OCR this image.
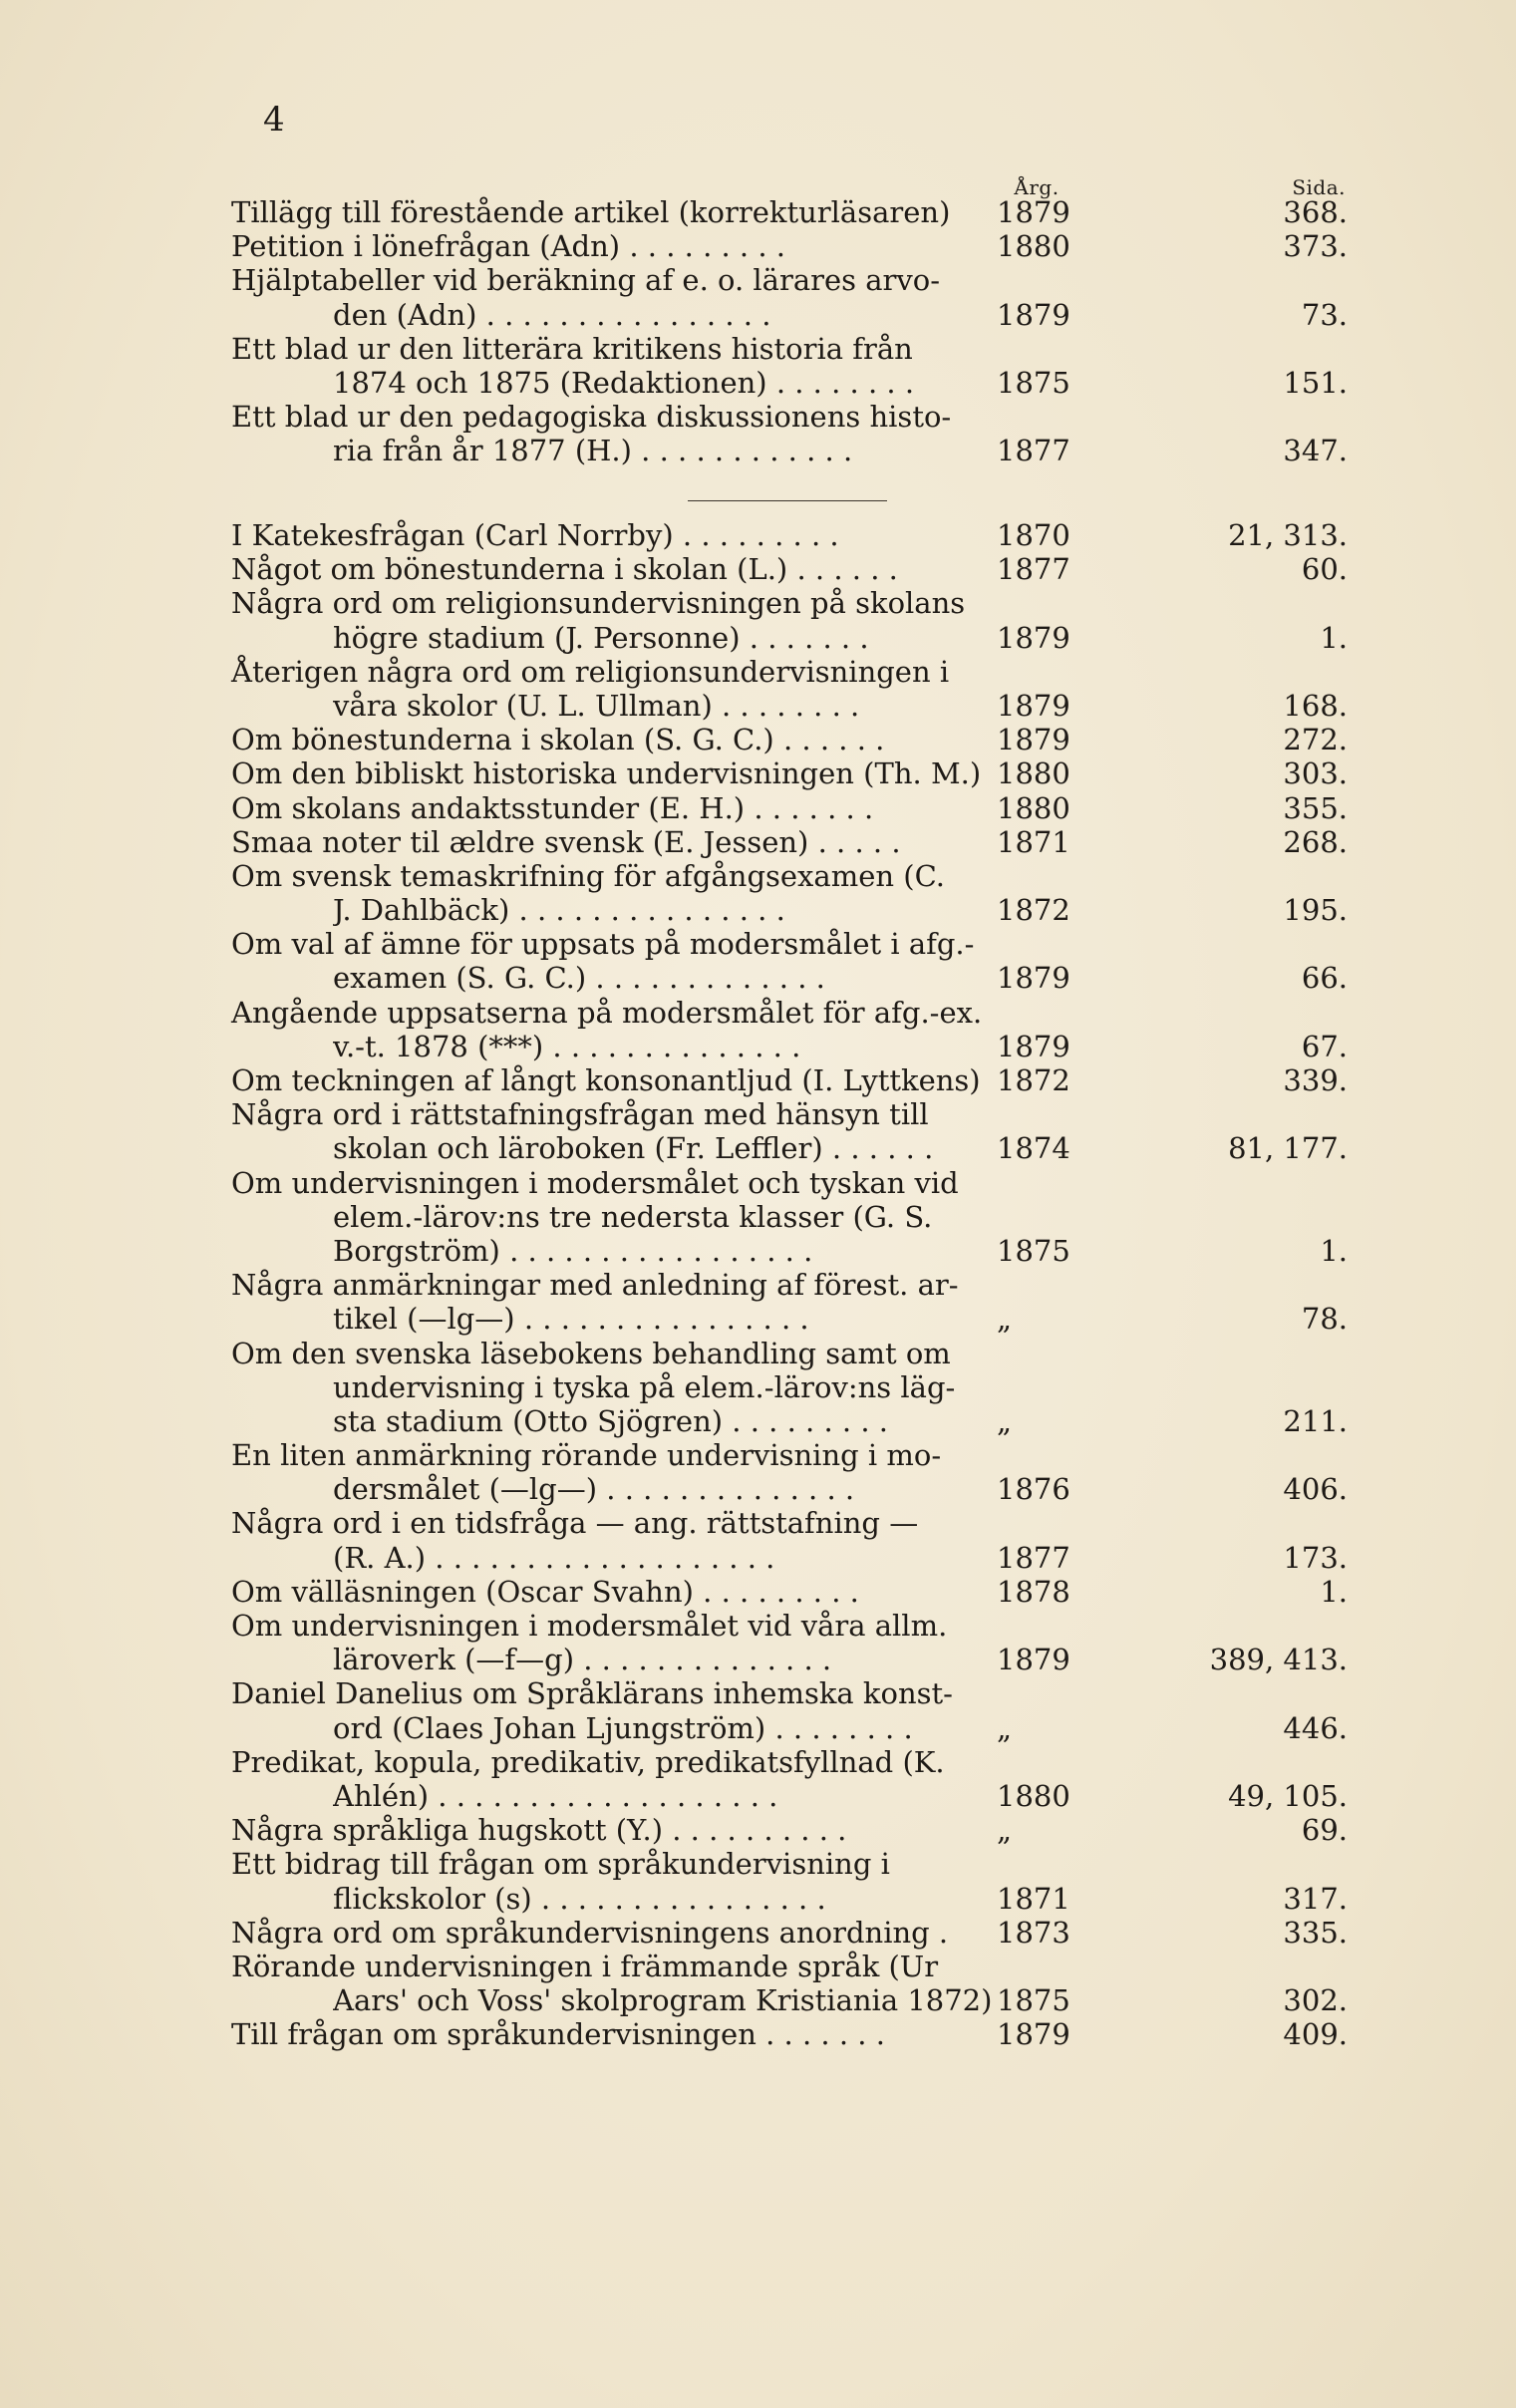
4
Årg.	Sida.
Tillägg till förestående artikel (korrekturläsaren)	1879	368.
Petition i lönefrågan (Adn) . . . . . . . . .	1880	373.
Hjälptabeller vid beräkning af e. o. lärares arvo-
den (Adn) . . . . . . . . . . . . . . . .	1879	73.
Ett blad ur den litterära kritikens historia från
1874 och 1875 (Redaktionen) . . . . . . . .	1875	151.
Ett blad ur den pedagogiska diskussionens histo-
ria från år 1877 (H.) . . . . . . . . . . . .	1877	347.
I Katekesfrågan (Carl Norrby) . . . . . . . . .	1870	21, 313.
Något om bönestunderna i skolan (L.) . . . . . .	1877	60.
Några ord om religionsundervisningen på skolans
högre stadium (J. Personne) . . . . . . .	1879	1.
Återigen några ord om religionsundervisningen i
våra skolor (U. L. Ullman) . . . . . . . .	1879	168.
Om bönestunderna i skolan (S. G. C.) . . . . . .	1879	272.
Om den bibliskt historiska undervisningen (Th. M.) 1880	303.
Om skolans andaktsstunder (E. H.) . . . . . . .	1880	355.
Smaa noter til ældre svensk (E. Jessen) . . . . .	1871	268.
Om svensk temaskrifning för afgångsexamen (C.
J. Dahlbäck) . . . . . . . . . . . . . . .	1872	195.
Om val af ämne för uppsats på modersmålet i afg.-
examen (S. G. C.) . . . . . . . . . . . . .	1879	66.
Angående uppsatserna på modersmålet för afg.-ex.
v.-t. 1878 (***) . . . . . . . . . . . . . .	1879	67.
Om teckningen af långt konsonantljud (I. Lyttkens) 1872	339.
Några ord i rättstafningsfrågan med hänsyn till
skolan och läroboken (Fr. Leffler) . . . . . .	1874	81, 177.
Om undervisningen i modersmålet och tyskan vid
elem.-lärov:ns tre nedersta klasser (G. S.
Borgström) . . . . . . . . . . . . . . . . .	1875	1.
Några anmärkningar med anledning af förest. ar-
tikel (—lg—) . . . . . . . . . . . . . . . .	„	78.
Om den svenska läsebokens behandling samt om
undervisning i tyska på elem.-lärov:ns läg-
sta stadium (Otto Sjögren) . . . . . . . . .	„	211.
En liten anmärkning rörande undervisning i mo-
dersmålet (—lg—) . . . . . . . . . . . . . .	1876	406.
Några ord i en tidsfråga — ang. rättstafning —
(R. A.) . . . . . . . . . . . . . . . . . . .	1877	173.
Om välläsningen (Oscar Svahn) . . . . . . . . .	1878	1.
Om undervisningen i modersmålet vid våra allm.
läroverk (—f—g) . . . . . . . . . . . . . .	1879	389, 413.
Daniel Danelius om Språklärans inhemska konst-
ord (Claes Johan Ljungström) . . . . . . . .	„	446.
Predikat, kopula, predikativ, predikatsfyllnad (K.
Ahlén) . . . . . . . . . . . . . . . . . . .	1880	49, 105.
Några språkliga hugskott (Y.) . . . . . . . . . .	„	69.
Ett bidrag till frågan om språkundervisning i
flickskolor (s) . . . . . . . . . . . . . . . .	1871	317.
Några ord om språkundervisningens anordning .	1873	335.
Rörande undervisningen i främmande språk (Ur
Aars' och Voss' skolprogram Kristiania 1872) 1875	302.
Till frågan om språkundervisningen . . . . . . .	1879	409.
